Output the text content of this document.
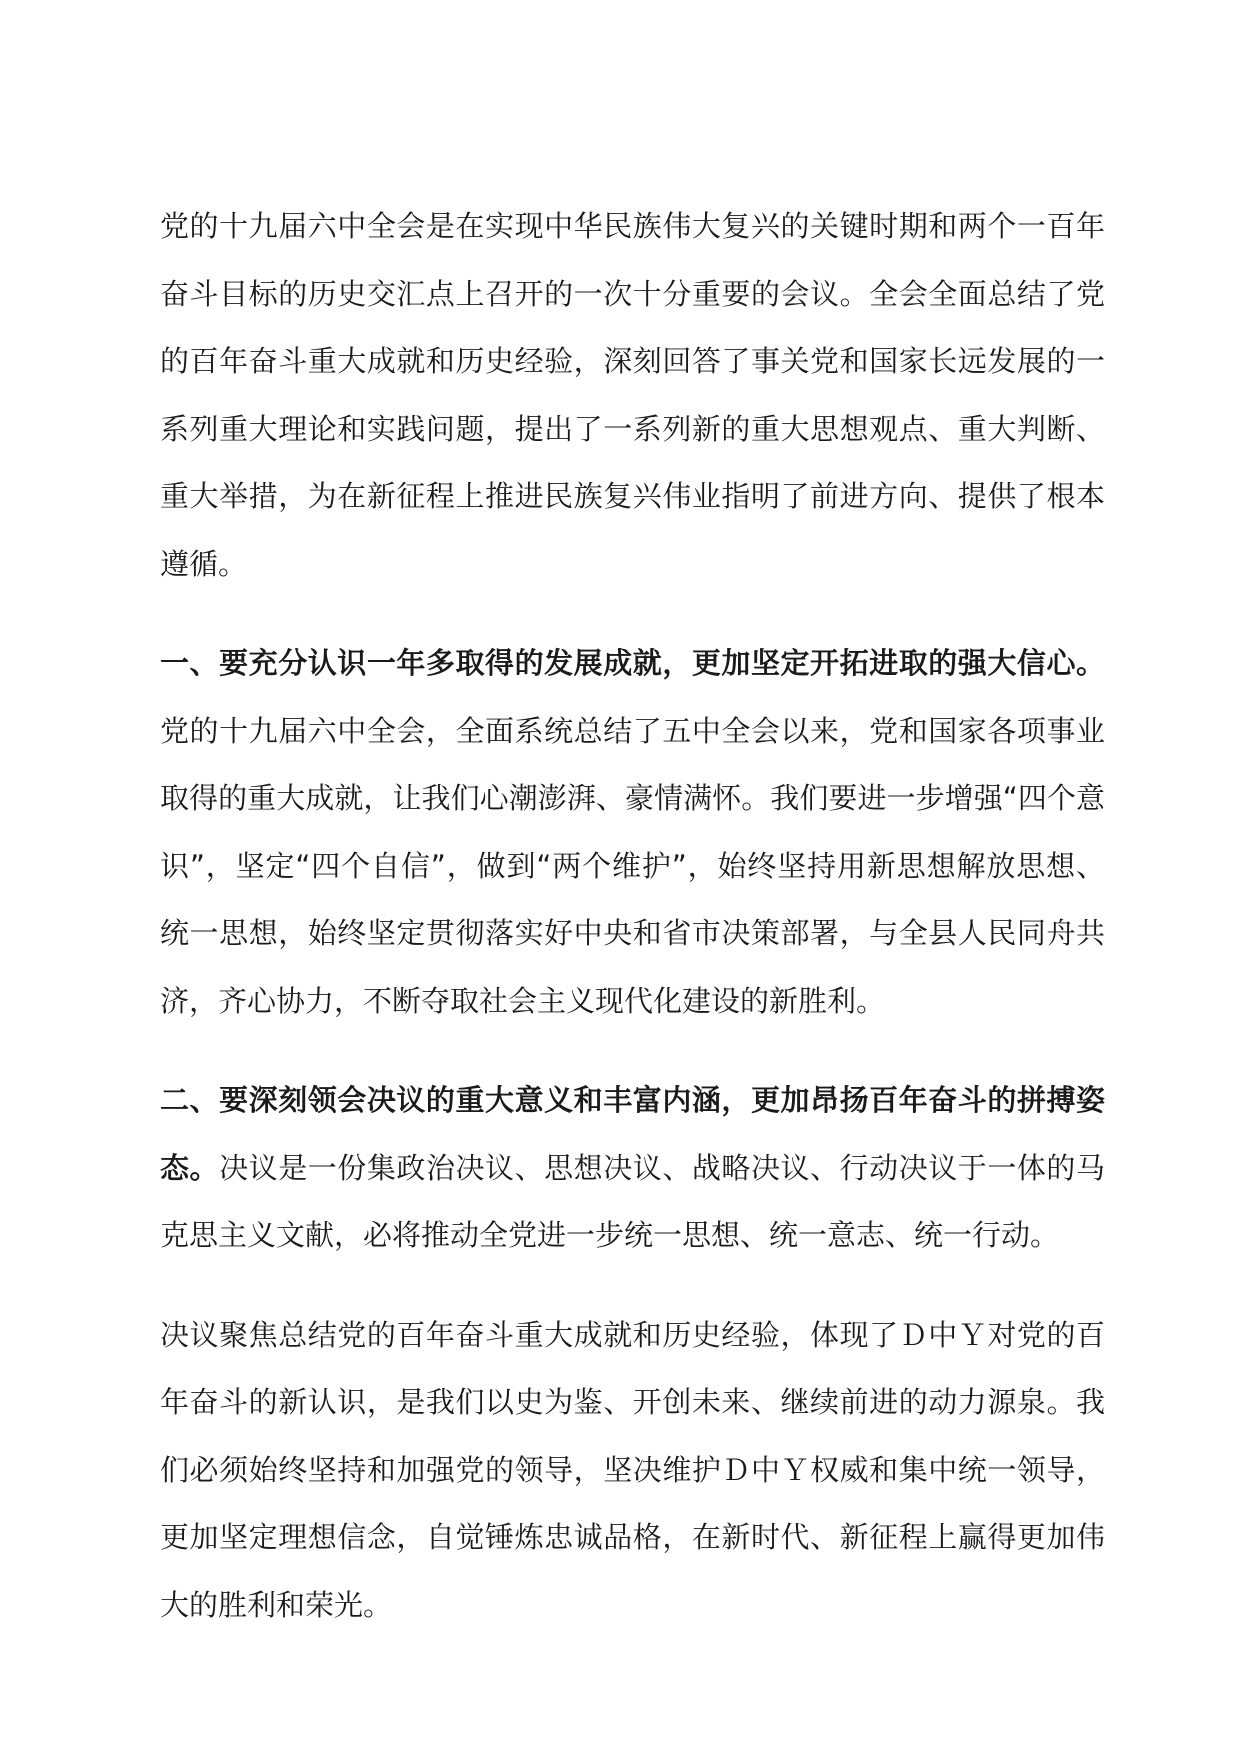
党的十九届六中全会是在实现中华民族伟大复兴的关键时期和两个一百年奋斗目标的历史交汇点上召开的一次十分重要的会议。全会全面总结了党的百年奋斗重大成就和历史经验，深刻回答了事关党和国家长远发展的一系列重大理论和实践问题，提出了一系列新的重大思想观点、重大判断、重大举措，为在新征程上推进民族复兴伟业指明了前进方向、提供了根本遵循。

一、要充分认识一年多取得的发展成就，更加坚定开拓进取的强大信心。党的十九届六中全会，全面系统总结了五中全会以来，党和国家各项事业取得的重大成就，让我们心潮澎湃、豪情满怀。我们要进一步增强“四个意识”，坚定“四个自信”，做到“两个维护”，始终坚持用新思想解放思想、统一思想，始终坚定贯彻落实好中央和省市决策部署，与全县人民同舟共济，齐心协力，不断夺取社会主义现代化建设的新胜利。

二、要深刻领会决议的重大意义和丰富内涵，更加昂扬百年奋斗的拼搏姿态。决议是一份集政治决议、思想决议、战略决议、行动决议于一体的马克思主义文献，必将推动全党进一步统一思想、统一意志、统一行动。

决议聚焦总结党的百年奋斗重大成就和历史经验，体现了Ｄ中Ｙ对党的百年奋斗的新认识，是我们以史为鉴、开创未来、继续前进的动力源泉。我们必须始终坚持和加强党的领导，坚决维护Ｄ中Ｙ权威和集中统一领导，更加坚定理想信念，自觉锤炼忠诚品格，在新时代、新征程上赢得更加伟大的胜利和荣光。
